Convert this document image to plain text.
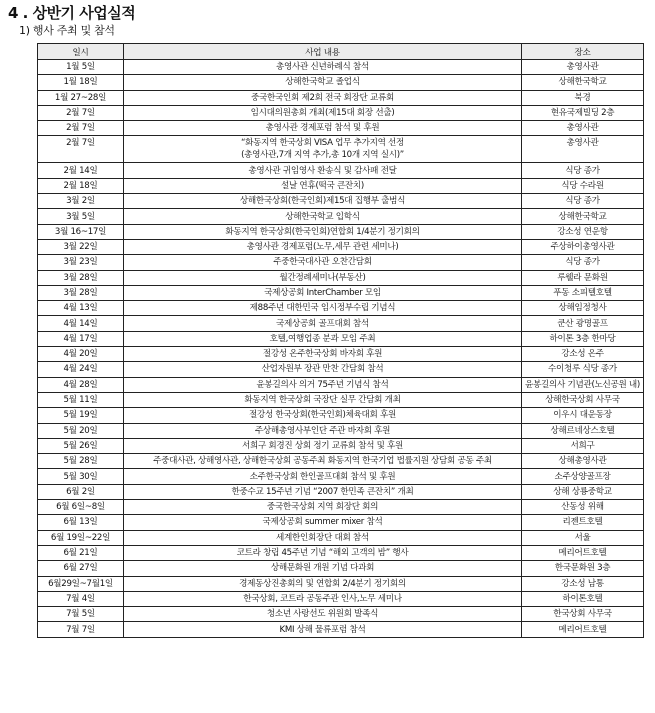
4 . 상반기 사업실적
1) 행사 주최 및 참석
일시	사업 내용	장소
1월 5일	총영사관 신년하례식 참석	총영사관
1월 18일	상해한국학교 졸업식	상해한국학교
1월 27~28일	중국한국인회 제2회 전국 회장단 교류회	북경
2월 7일	임시대의원총회 개최(제15대 회장 선출)	현유국제빌딩 2층
2월 7일	총영사관 경제포럼 참석 및 후원	총영사관
2월 7일	“화동지역 한국상회 VISA 업무 추가지역 선정
(총영사관,7개 지역 추가,총 10개 지역 실시)”	총영사관
2월 14일	총영사관 귀임영사 환송식 및 감사패 전달	식당 종가
2월 18일	설날 연휴(떡국 큰잔치)	식당 수라원
3월 2일	상해한국상회(한국인회)제15대 집행부 출범식	식당 종가
3월 5일	상해한국학교 입학식	상해한국학교
3월 16~17일	화동지역 한국상회(한국인회)연합회 1/4분기 정기회의	강소성 연운항
3월 22일	총영사관 경제포럼(노무,세무 관련 세미나)	주상하이총영사관
3월 23일	주중한국대사관 오찬간담회	식당 종가
3월 28일	월간정례세미나(부동산)	루웰라 문화원
3월 28일	국제상공회 InterChamber 모임	푸동 소피텔호텔
4월 13일	제88주년 대한민국 임시정부수립 기념식	상해임정청사
4월 14일	국제상공회 골프대회 참석	쿤산 광명골프
4월 17일	호텔,여행업종 분과 모임 주최	하이톤 3층 한마당
4월 20일	절강성 온주한국상회 바자회 후원	강소성 온주
4월 24일	산업자원부 장관 만찬 간담회 참석	수이청루 식당 종가
4월 28일	윤봉길의사 의거 75주년 기념식 참석	윤봉길의사 기념관(노신공원 내)
5월 11일	화동지역 한국상회 국장단 실무 간담회 개최	상해한국상회 사무국
5월 19일	절강성 한국상회(한국인회)체육대회 후원	이우시 대운동장
5월 20일	주상해총영사부인단 주관 바자회 후원	상해르네상스호텔
5월 26일	서희구 회경진 상회 정기 교류회 참석 및 후원	서희구
5월 28일	주중대사관, 상해영사관, 상해한국상회 공동주최 화동지역 한국기업 법률지원 상담회 공동 주최	상해총영사관
5월 30일	소주한국상회 한인골프대회 참석 및 후원	소주상양골프장
6월 2일	한중수교 15주년 기념 “2007 한민족 큰잔치” 개최	상해 상룡중학교
6월 6일~8일	중국한국상회 지역 회장단 회의	산동성 위해
6월 13일	국제상공회 summer mixer 참석	리젠트호텔
6월 19일~22일	세계한인회장단 대회 참석	서울
6월 21일	코트라 창립 45주년 기념 “해외 고객의 밤” 행사	메리어트호텔
6월 27일	상해문화원 개원 기념 다과회	한국문화원 3층
6월29일~7월1일	경제동상진총회의 및 연합회 2/4분기 정기회의	강소성 남통
7월 4일	한국상회, 코트라 공동주관 인사,노무 세미나	하이톤호텔
7월 5일	청소년 사랑선도 위원회 발족식	한국상회 사무국
7월 7일	KMI 상해 물류포럼 참석	메리어트호텔
